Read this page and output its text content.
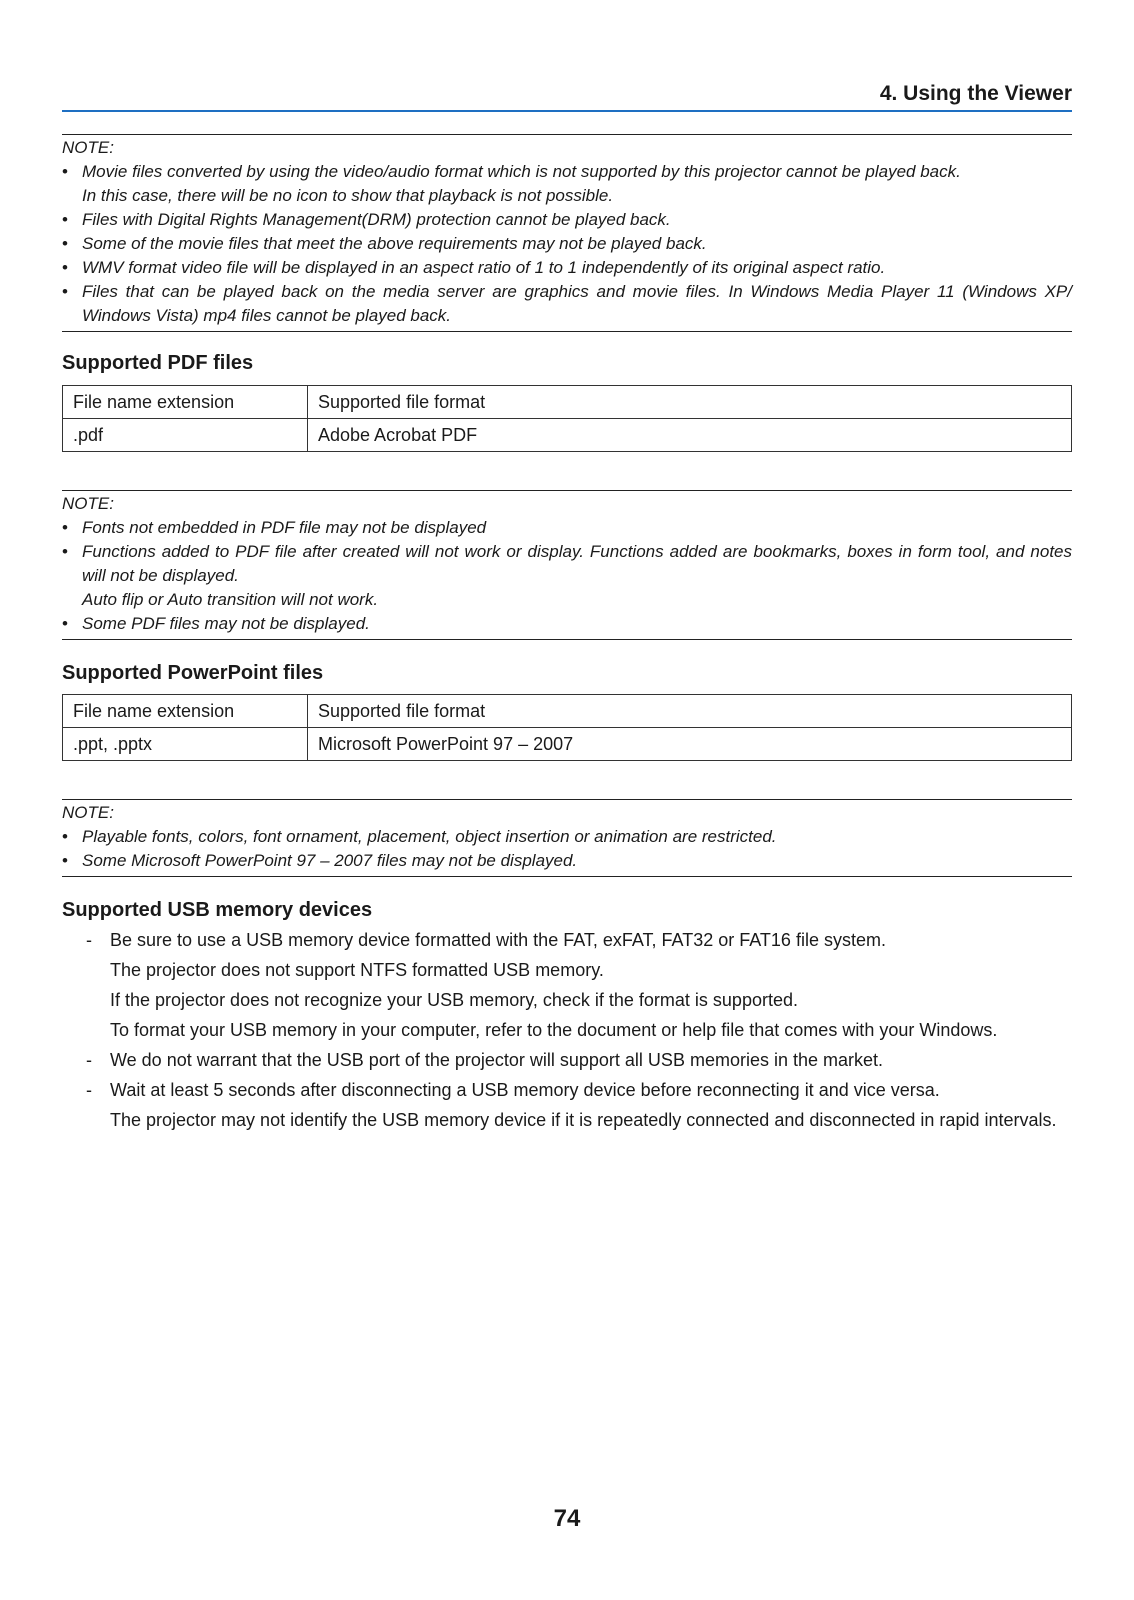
4. Using the Viewer
NOTE:
• Movie files converted by using the video/audio format which is not supported by this projector cannot be played back.
In this case, there will be no icon to show that playback is not possible.
• Files with Digital Rights Management(DRM) protection cannot be played back.
• Some of the movie files that meet the above requirements may not be played back.
• WMV format video file will be displayed in an aspect ratio of 1 to 1 independently of its original aspect ratio.
• Files that can be played back on the media server are graphics and movie files. In Windows Media Player 11 (Windows XP/ Windows Vista) mp4 files cannot be played back.
Supported PDF files
File name extension	Supported file format
.pdf	Adobe Acrobat PDF
NOTE:
• Fonts not embedded in PDF file may not be displayed
• Functions added to PDF file after created will not work or display. Functions added are bookmarks, boxes in form tool, and notes will not be displayed.
Auto flip or Auto transition will not work.
• Some PDF files may not be displayed.
Supported PowerPoint files
File name extension	Supported file format
.ppt, .pptx	Microsoft PowerPoint 97 – 2007
NOTE:
• Playable fonts, colors, font ornament, placement, object insertion or animation are restricted.
• Some Microsoft PowerPoint 97 – 2007 files may not be displayed.
Supported USB memory devices
- Be sure to use a USB memory device formatted with the FAT, exFAT, FAT32 or FAT16 file system.

The projector does not support NTFS formatted USB memory.

If the projector does not recognize your USB memory, check if the format is supported.

To format your USB memory in your computer, refer to the document or help file that comes with your Windows.

- We do not warrant that the USB port of the projector will support all USB memories in the market.

- Wait at least 5 seconds after disconnecting a USB memory device before reconnecting it and vice versa.

The projector may not identify the USB memory device if it is repeatedly connected and disconnected in rapid intervals.

74
